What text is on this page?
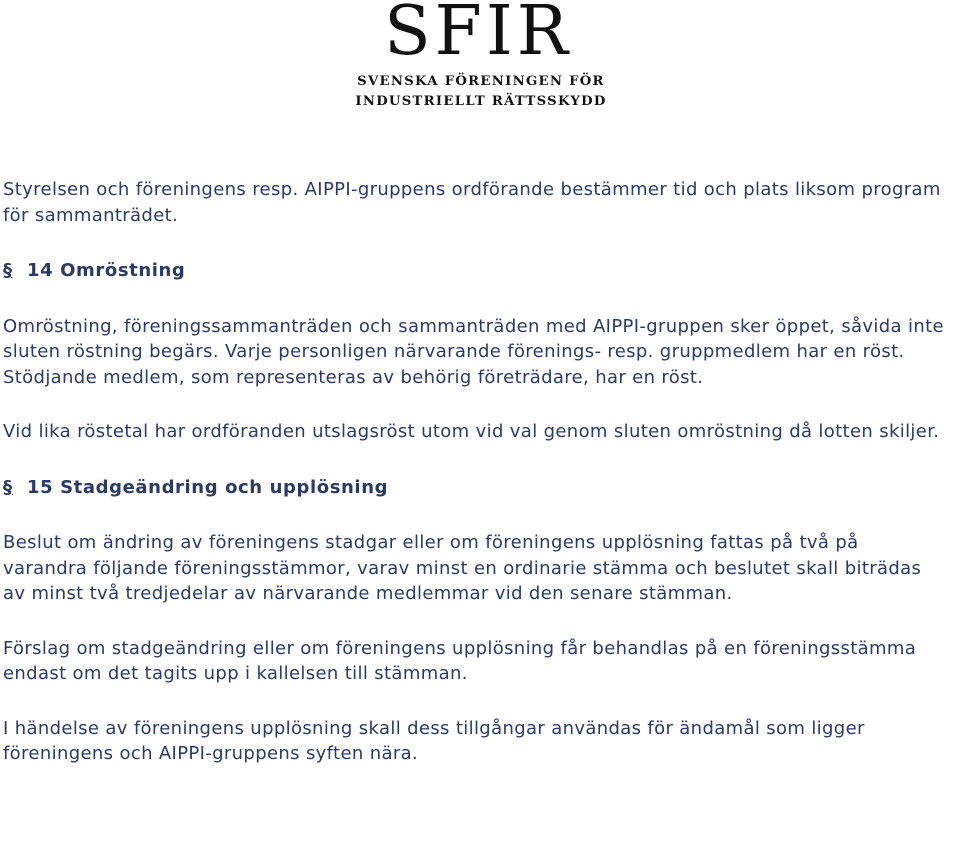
SFIR
SVENSKA FÖRENINGEN FÖR
INDUSTRIELLT RÄTTSSKYDD

Styrelsen och föreningens resp. AIPPI-gruppens ordförande bestämmer tid och plats liksom program för sammanträdet.

§ 14 Omröstning

Omröstning, föreningssammanträden och sammanträden med AIPPI-gruppen sker öppet, såvida inte sluten röstning begärs. Varje personligen närvarande förenings- resp. gruppmedlem har en röst. Stödjande medlem, som representeras av behörig företrädare, har en röst.

Vid lika röstetal har ordföranden utslagsröst utom vid val genom sluten omröstning då lotten skiljer.

§ 15 Stadgeändring och upplösning

Beslut om ändring av föreningens stadgar eller om föreningens upplösning fattas på två på varandra följande föreningsstämmor, varav minst en ordinarie stämma och beslutet skall biträdas av minst två tredjedelar av närvarande medlemmar vid den senare stämman.

Förslag om stadgeändring eller om föreningens upplösning får behandlas på en föreningsstämma endast om det tagits upp i kallelsen till stämman.

I händelse av föreningens upplösning skall dess tillgångar användas för ändamål som ligger föreningens och AIPPI-gruppens syften nära.
